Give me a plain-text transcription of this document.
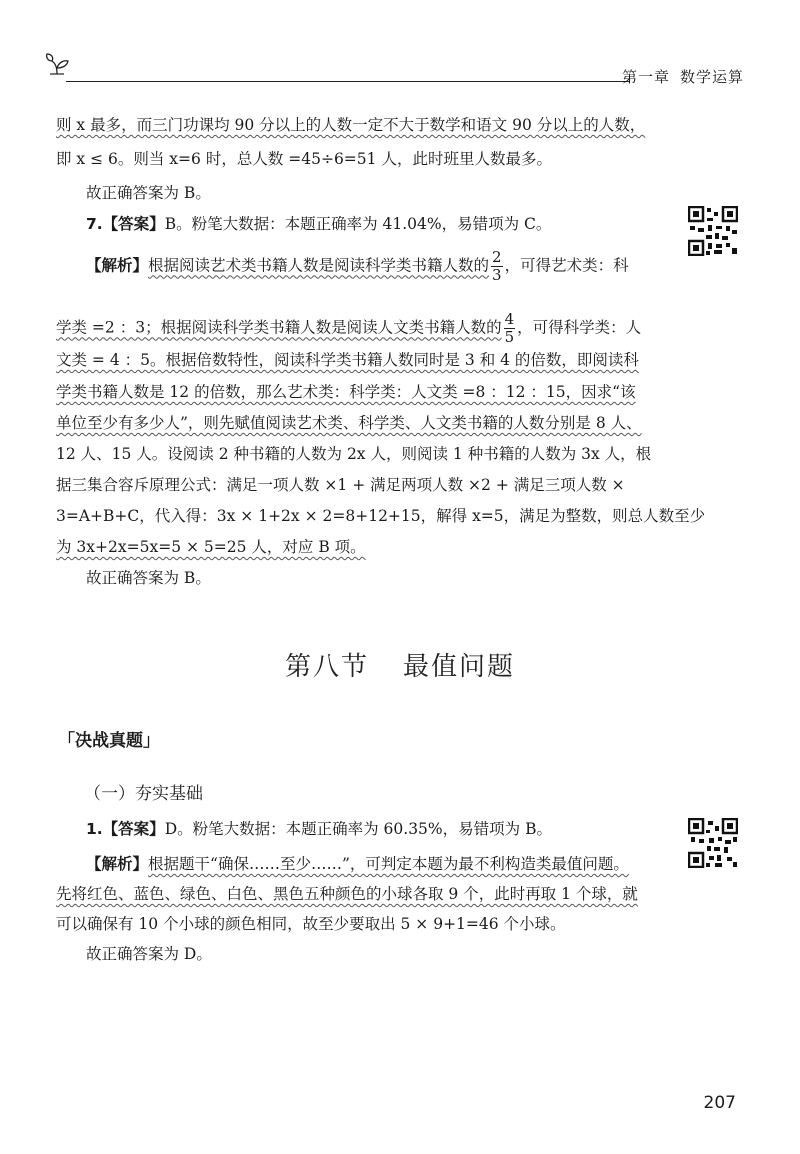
第一章 数学运算
则 x 最多，而三门功课均 90 分以上的人数一定不大于数学和语文 90 分以上的人数，
即 x ≤ 6。则当 x=6 时，总人数 =45÷6=51 人，此时班里人数最多。
故正确答案为 B。
7.【答案】B。粉笔大数据：本题正确率为 41.04%，易错项为 C。
【解析】根据阅读艺术类书籍人数是阅读科学类书籍人数的 $\frac{2}{3}$ ，可得艺术类：科
学类 =2 ：3；根据阅读科学类书籍人数是阅读人文类书籍人数的 $\frac{4}{5}$ ，可得科学类：人
文类 = 4 ：5。根据倍数特性，阅读科学类书籍人数同时是 3 和 4 的倍数，即阅读科
学类书籍人数是 12 的倍数，那么艺术类：科学类：人文类 =8 ：12 ：15，因求“该
单位至少有多少人”，则先赋值阅读艺术类、科学类、人文类书籍的人数分别是 8 人、
12 人、15 人。设阅读 2 种书籍的人数为 2x 人，则阅读 1 种书籍的人数为 3x 人，根
据三集合容斥原理公式：满足一项人数 ×1 + 满足两项人数 ×2 + 满足三项人数 ×
3=A+B+C，代入得：3x × 1+2x × 2=8+12+15，解得 x=5，满足为整数，则总人数至少
为 3x+2x=5x=5 × 5=25 人，对应 B 项。
故正确答案为 B。
第八节 最值问题
「决战真题」
（一）夯实基础
1.【答案】D。粉笔大数据：本题正确率为 60.35%，易错项为 B。
【解析】根据题干“确保……至少……”，可判定本题为最不利构造类最值问题。
先将红色、蓝色、绿色、白色、黑色五种颜色的小球各取 9 个，此时再取 1 个球，就
可以确保有 10 个小球的颜色相同，故至少要取出 5 × 9+1=46 个小球。
故正确答案为 D。
207
